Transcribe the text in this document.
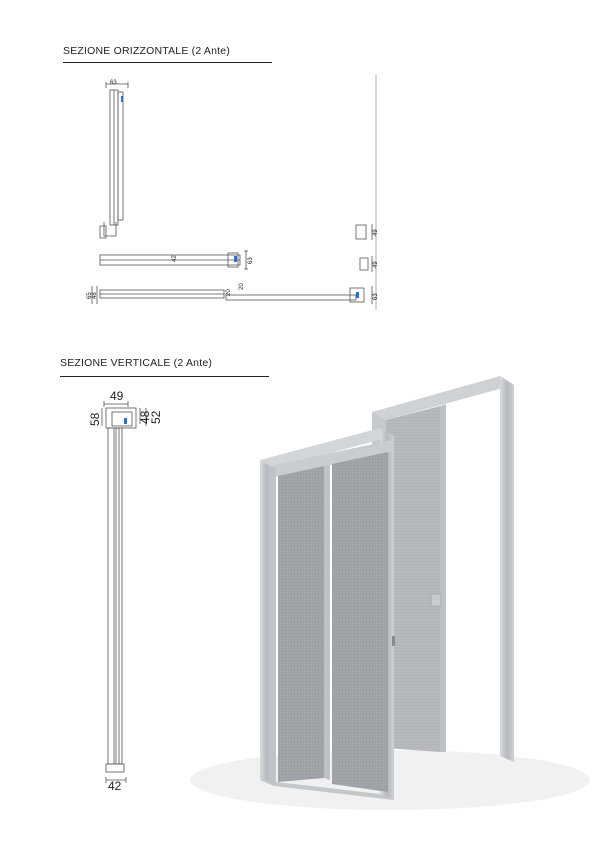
SEZIONE ORIZZONTALE (2 Ante)
SEZIONE VERTICALE (2 Ante)
63
42	63
49
49
65 48	20
20
63
49
58	48
52
42
